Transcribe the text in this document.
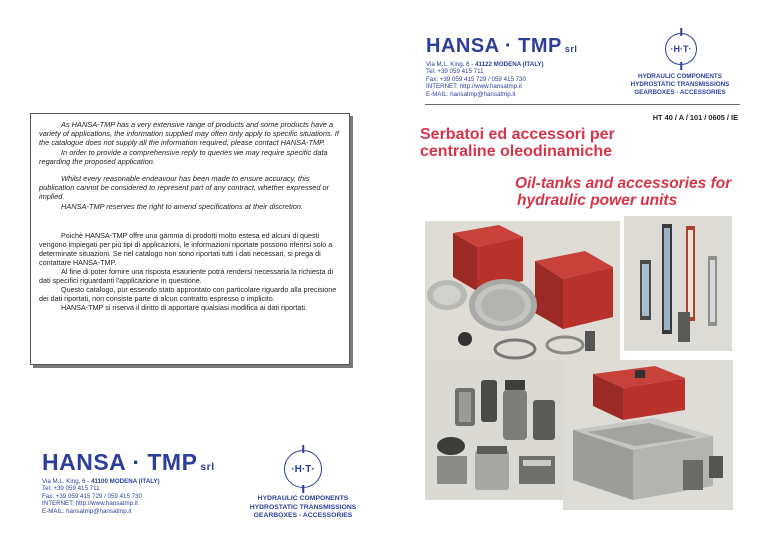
HANSA · TMP srl
Via M.L. King, 6 - 41122 MODENA (ITALY)
Tel: +39 059 415 711
Fax: +39 059 415 729 / 059 415 730
INTERNET: http://www.hansatmp.it
E-MAIL: hansatmp@hansatmp.it
·H·T·
HYDRAULIC COMPONENTS
HYDROSTATIC TRANSMISSIONS
GEARBOXES - ACCESSORIES
HT 40 / A / 101 / 0605 / IE
Serbatoi ed accessori per
centraline oleodinamiche
Oil-tanks and accessories for
hydraulic power units

As HANSA-TMP has a very extensive range of products and some products have a variety of applications, the information supplied may often only apply to specific situations. If the catalogue does not supply all the information required, please contact HANSA-TMP.

In order to provide a comprehensive reply to queries we may require specific data regarding the proposed application.

Whilst every reasonable endeavour has been made to ensure accuracy, this publication cannot be considered to represent part of any contract, whether expressed or implied.

HANSA-TMP reserves the right to amend specifications at their discretion.

Poichè HANSA-TMP offre una gamma di prodotti molto estesa ed alcuni di questi vengono impiegati per più tipi di applicazioni, le informazioni riportate possono riferirsi solo a determinate situazioni. Se nel catalogo non sono riportati tutti i dati necessari, si prega di contattare HANSA-TMP.

Al fine di poter fornire una risposta esauriente potrà rendersi necessaria la richiesta di dati specifici riguardanti l'applicazione in questione.

Questo catalogo, pur essendo stato approntato con particolare riguardo alla precisione dei dati riportati, non consiste parte di alcun contratto espresso o implicito.

HANSA-TMP si riserva il diritto di apportare qualsiasi modifica ai dati riportati.

HANSA · TMP srl
Via M.L. King, 6 - 41100 MODENA (ITALY)
Tel: +39 059 415 711
Fax: +39 059 415 729 / 059 415 730
INTERNET: http://www.hansatmp.it
E-MAIL: hansatmp@hansatmp.it
·H·T·
HYDRAULIC COMPONENTS
HYDROSTATIC TRANSMISSIONS
GEARBOXES - ACCESSORIES
